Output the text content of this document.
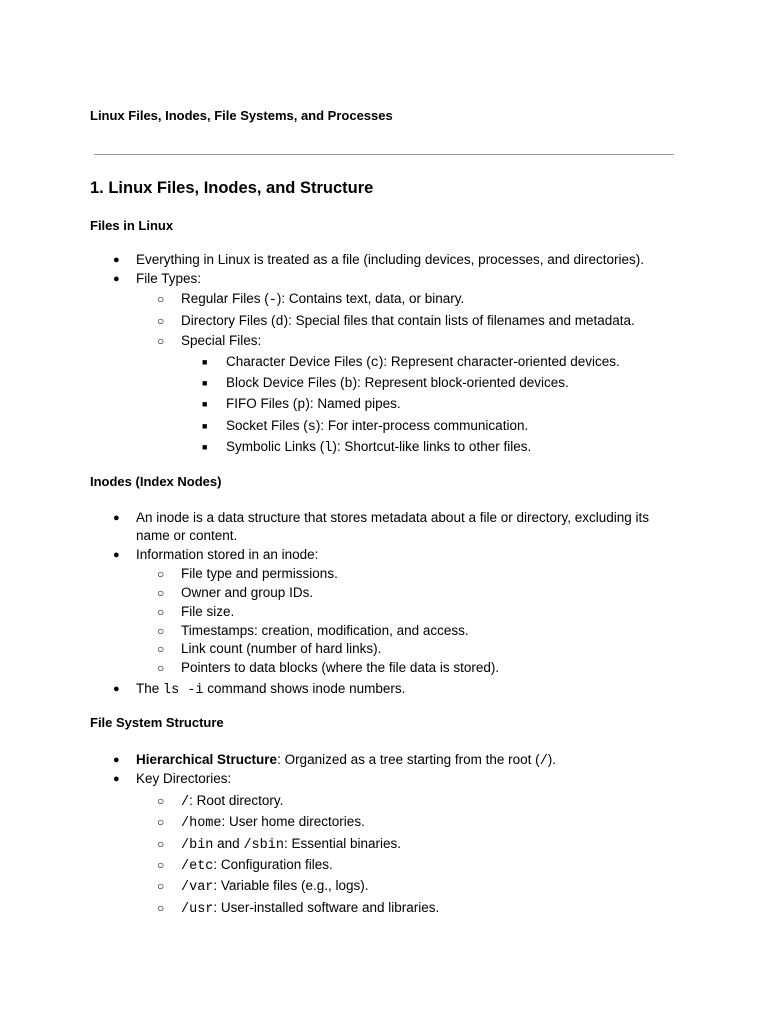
Linux Files, Inodes, File Systems, and Processes
1. Linux Files, Inodes, and Structure
Files in Linux
● Everything in Linux is treated as a file (including devices, processes, and directories).
● File Types:
○ Regular Files (-): Contains text, data, or binary.
○ Directory Files (d): Special files that contain lists of filenames and metadata.
○ Special Files:
■ Character Device Files (c): Represent character-oriented devices.
■ Block Device Files (b): Represent block-oriented devices.
■ FIFO Files (p): Named pipes.
■ Socket Files (s): For inter-process communication.
■ Symbolic Links (l): Shortcut-like links to other files.
Inodes (Index Nodes)
● An inode is a data structure that stores metadata about a file or directory, excluding its
name or content.
● Information stored in an inode:
○ File type and permissions.
○ Owner and group IDs.
○ File size.
○ Timestamps: creation, modification, and access.
○ Link count (number of hard links).
○ Pointers to data blocks (where the file data is stored).
● The ls -i command shows inode numbers.
File System Structure
● Hierarchical Structure: Organized as a tree starting from the root (/).
● Key Directories:
○ /: Root directory.
○ /home: User home directories.
○ /bin and /sbin: Essential binaries.
○ /etc: Configuration files.
○ /var: Variable files (e.g., logs).
○ /usr: User-installed software and libraries.
